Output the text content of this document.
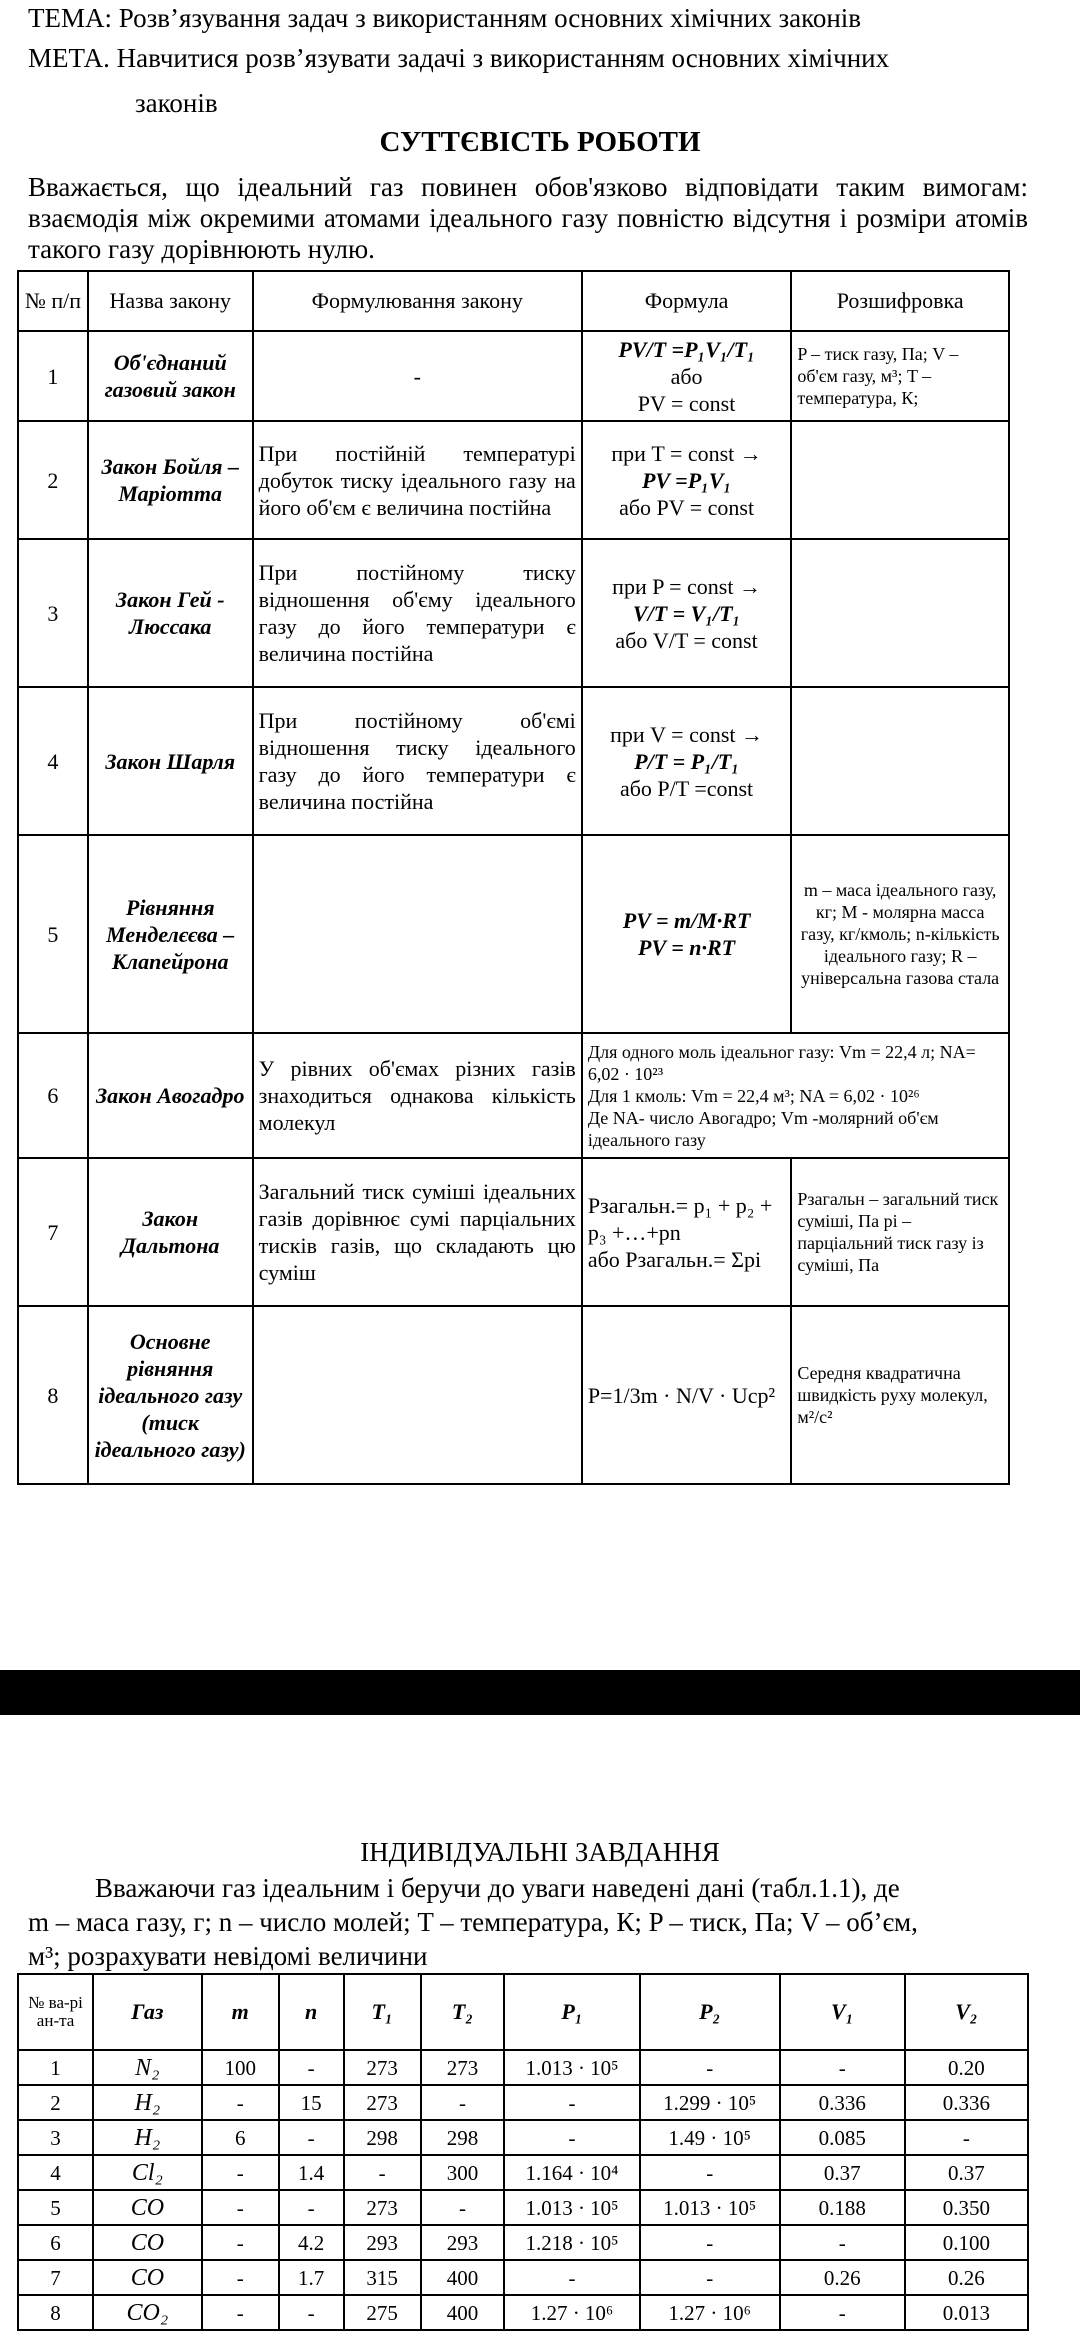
ТЕМА: Розв’язування задач з використанням основних хімічних законів
МЕТА. Навчитися розв’язувати задачі з використанням основних хімічних
законів
СУТТЄВІСТЬ РОБОТИ
Вважається, що ідеальний газ повинен обов'язково відповідати таким вимогам: взаємодія між окремими атомами ідеального газу повністю відсутня і розміри атомів такого газу дорівнюють нулю.
№ п/п	Назва закону	Формулювання закону	Формула	Розшифровка
1	Об'єднаний газовий закон	-	PV/T =P₁V₁/T₁
або
PV = const	P – тиск газу, Па; V – об'єм газу, м³; T – температура, К;
2	Закон Бойля – Маріотта	При постійній температурі добуток тиску ідеального газу на його об'єм є величина постійна	при T = const →
PV =P₁V₁
або PV = const	

3	Закон Гей - Люссака	При постійному тиску відношення об'єму ідеального газу до його температури є величина постійна	при P = const →
V/T = V₁/T₁
або V/T = const	

4	Закон Шарля	При постійному об'ємі відношення тиску ідеального газу до його температури є величина постійна	при V = const →
P/T = P₁/T₁
або P/T =const	

5	Рівняння Менделєєва –Клапейрона		PV = m/M·RT
PV = n·RT	m – маса ідеального газу, кг; M - молярна масса газу, кг/кмоль; n-кількість ідеального газу; R – універсальна газова стала
6	Закон Авогадро	У рівних об'ємах різних газів знаходиться однакова кількість молекул	Для одного моль ідеальног газу: Vm = 22,4 л; NA= 6,02 · 10²³
Для 1 кмоль: Vm = 22,4 м³; NA = 6,02 · 10²⁶
Де NA- число Авогадро; Vm -молярний об'єм ідеального газу	

7	Закон Дальтона	Загальний тиск суміші ідеальних газів дорівнює сумі парціальних тисків газів, що складають цю суміш	Pзагальн.= p₁ + p₂ + p₃ +…+pn
або Pзагальн.= Σpi	Pзагальн – загальний тиск суміші, Па pi – парціальний тиск газу із суміші, Па
8	Основне рівняння ідеального газу (тиск ідеального газу)		P=1/3m · N/V · Ucp²	Середня квадратична швидкість руху молекул, м²/c²
ІНДИВІДУАЛЬНІ ЗАВДАННЯ
Вважаючи газ ідеальним і беручи до уваги наведені дані (табл.1.1), де
m – маса газу, г; n – число молей; T – температура, К; P – тиск, Па; V – об’єм,
м³; розрахувати невідомі величини
№ ва-рі ан-та	Газ	m	n	T₁	T₂	P₁	P₂	V₁	V₂
1	N₂	100	-	273	273	1.013 · 10⁵	-	-	0.20
2	H₂	-	15	273	-	-	1.299 · 10⁵	0.336	0.336
3	H₂	6	-	298	298	-	1.49 · 10⁵	0.085	-
4	Cl₂	-	1.4	-	300	1.164 · 10⁴	-	0.37	0.37
5	CO	-	-	273	-	1.013 · 10⁵	1.013 · 10⁵	0.188	0.350
6	CO	-	4.2	293	293	1.218 · 10⁵	-	-	0.100
7	CO	-	1.7	315	400	-	-	0.26	0.26
8	CO₂	-	-	275	400	1.27 · 10⁶	1.27 · 10⁶	-	0.013
